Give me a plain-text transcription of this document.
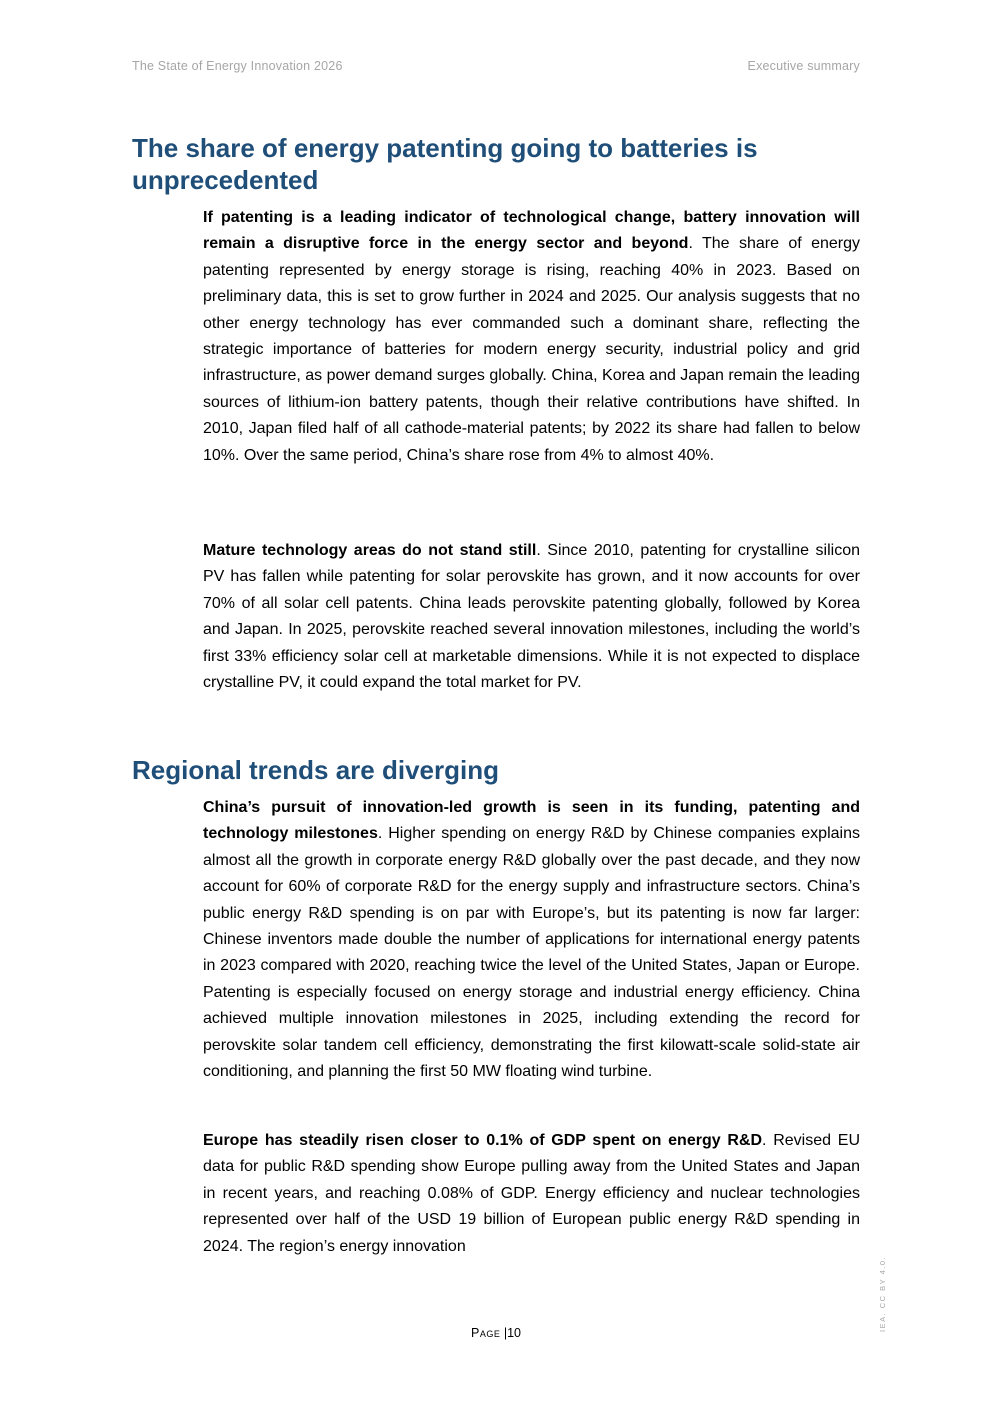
The State of Energy Innovation 2026	Executive summary
The share of energy patenting going to batteries is unprecedented

If patenting is a leading indicator of technological change, battery innovation will remain a disruptive force in the energy sector and beyond. The share of energy patenting represented by energy storage is rising, reaching 40% in 2023. Based on preliminary data, this is set to grow further in 2024 and 2025. Our analysis suggests that no other energy technology has ever commanded such a dominant share, reflecting the strategic importance of batteries for modern energy security, industrial policy and grid infrastructure, as power demand surges globally. China, Korea and Japan remain the leading sources of lithium-ion battery patents, though their relative contributions have shifted. In 2010, Japan filed half of all cathode-material patents; by 2022 its share had fallen to below 10%. Over the same period, China’s share rose from 4% to almost 40%.

Mature technology areas do not stand still. Since 2010, patenting for crystalline silicon PV has fallen while patenting for solar perovskite has grown, and it now accounts for over 70% of all solar cell patents. China leads perovskite patenting globally, followed by Korea and Japan. In 2025, perovskite reached several innovation milestones, including the world’s first 33% efficiency solar cell at marketable dimensions. While it is not expected to displace crystalline PV, it could expand the total market for PV.

Regional trends are diverging

China’s pursuit of innovation-led growth is seen in its funding, patenting and technology milestones. Higher spending on energy R&D by Chinese companies explains almost all the growth in corporate energy R&D globally over the past decade, and they now account for 60% of corporate R&D for the energy supply and infrastructure sectors. China’s public energy R&D spending is on par with Europe’s, but its patenting is now far larger: Chinese inventors made double the number of applications for international energy patents in 2023 compared with 2020, reaching twice the level of the United States, Japan or Europe. Patenting is especially focused on energy storage and industrial energy efficiency. China achieved multiple innovation milestones in 2025, including extending the record for perovskite solar tandem cell efficiency, demonstrating the first kilowatt-scale solid-state air conditioning, and planning the first 50 MW floating wind turbine.

Europe has steadily risen closer to 0.1% of GDP spent on energy R&D. Revised EU data for public R&D spending show Europe pulling away from the United States and Japan in recent years, and reaching 0.08% of GDP. Energy efficiency and nuclear technologies represented over half of the USD 19 billion of European public energy R&D spending in 2024. The region’s energy innovation

Page |10
IEA. CC BY 4.0.
